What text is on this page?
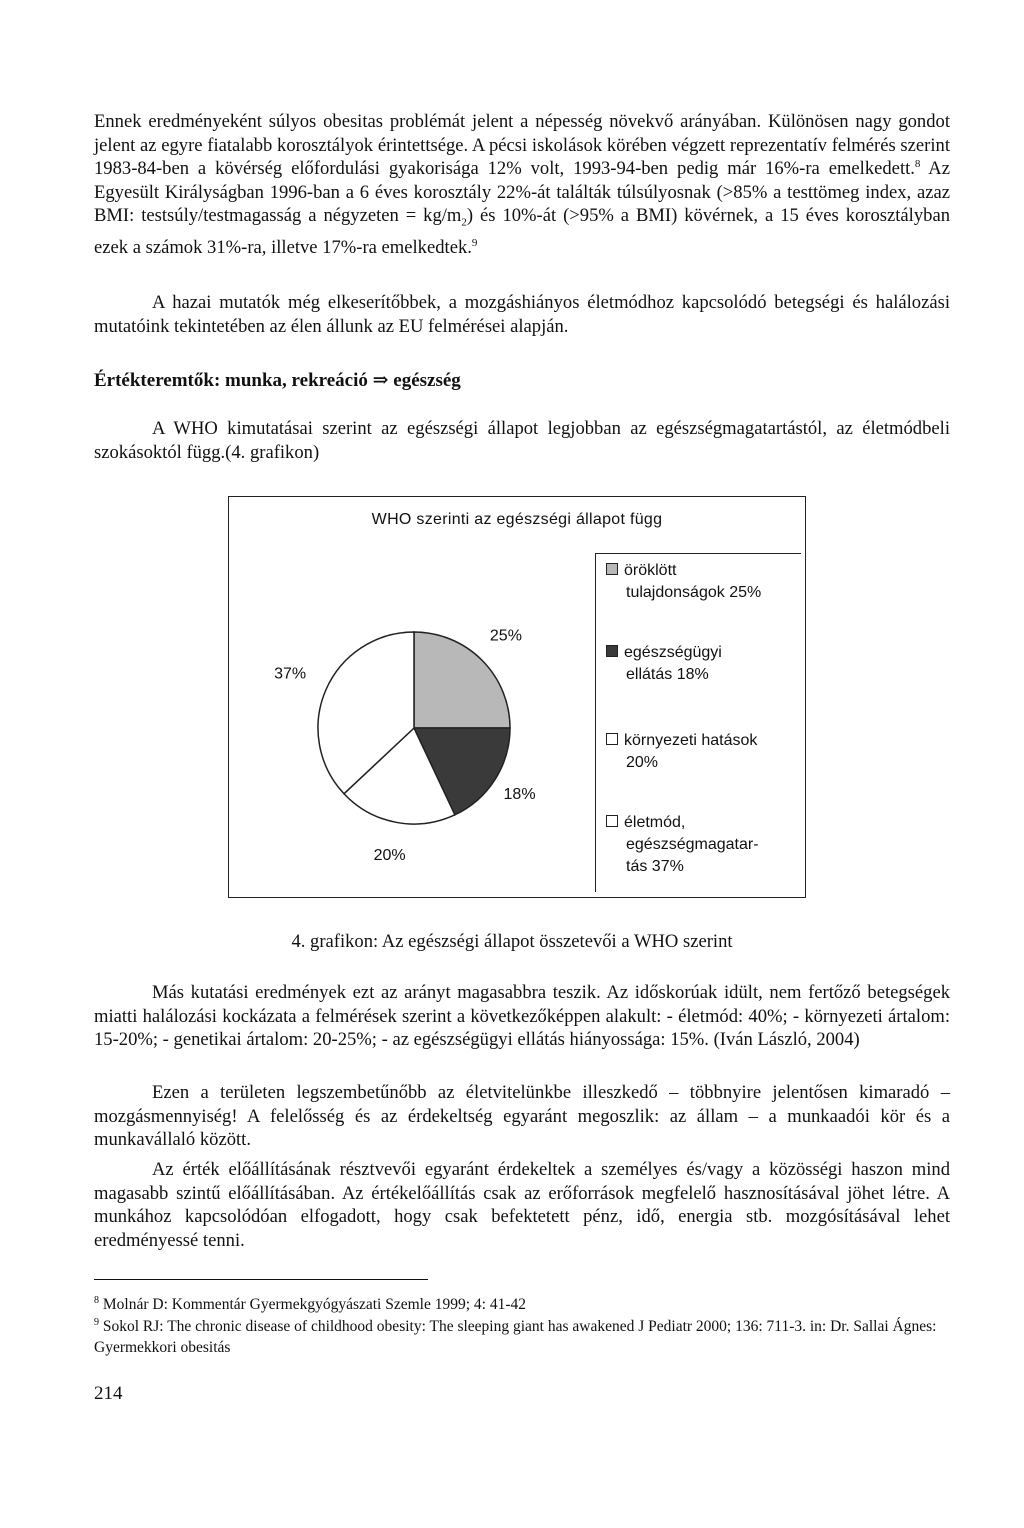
Ennek eredményeként súlyos obesitas problémát jelent a népesség növekvő arányában. Különösen nagy gondot jelent az egyre fiatalabb korosztályok érintettsége. A pécsi iskolások körében végzett reprezentatív felmérés szerint 1983-84-ben a kövérség előfordulási gyakorisága 12% volt, 1993-94-ben pedig már 16%-ra emelkedett.$^8$ Az Egyesült Királyságban 1996-ban a 6 éves korosztály 22%-át találták túlsúlyosnak (>85% a testtömeg index, azaz BMI: testsúly/testmagasság a négyzeten = $kg/m_2$) és 10%-át (>95% a BMI) kövérnek, a 15 éves korosztályban ezek a számok 31%-ra, illetve 17%-ra emelkedtek.$^9$

A hazai mutatók még elkeserítőbbek, a mozgáshiányos életmódhoz kapcsolódó betegségi és halálozási mutatóink tekintetében az élen állunk az EU felmérései alapján.

Értékteremtők: munka, rekreáció ⇒ egészség

A WHO kimutatásai szerint az egészségi állapot legjobban az egészségmagatartástól, az életmódbeli szokásoktól függ.(4. grafikon)

WHO szerinti az egészségi állapot függ
25%
18%
20%
37%
öröklött
tulajdonságok 25%
egészségügyi
ellátás 18%
környezeti hatások
20%
életmód,
egészségmagatar-
tás 37%

4. grafikon: Az egészségi állapot összetevői a WHO szerint

Más kutatási eredmények ezt az arányt magasabbra teszik. Az időskorúak idült, nem fertőző betegségek miatti halálozási kockázata a felmérések szerint a következőképpen alakult: - életmód: 40%; - környezeti ártalom: 15-20%; - genetikai ártalom: 20-25%; - az egészségügyi ellátás hiányossága: 15%. (Iván László, 2004)

Ezen a területen legszembetűnőbb az életvitelünkbe illeszkedő – többnyire jelentősen kimaradó – mozgásmennyiség! A felelősség és az érdekeltség egyaránt megoszlik: az állam – a munkaadói kör és a munkavállaló között.

Az érték előállításának résztvevői egyaránt érdekeltek a személyes és/vagy a közösségi haszon mind magasabb szintű előállításában. Az értékelőállítás csak az erőforrások megfelelő hasznosításával jöhet létre. A munkához kapcsolódóan elfogadott, hogy csak befektetett pénz, idő, energia stb. mozgósításával lehet eredményessé tenni.

$^8$ Molnár D: Kommentár Gyermekgyógyászati Szemle 1999; 4: 41-42

$^9$ Sokol RJ: The chronic disease of childhood obesity: The sleeping giant has awakened J Pediatr 2000; 136: 711-3. in: Dr. Sallai Ágnes: Gyermekkori obesitás

214
